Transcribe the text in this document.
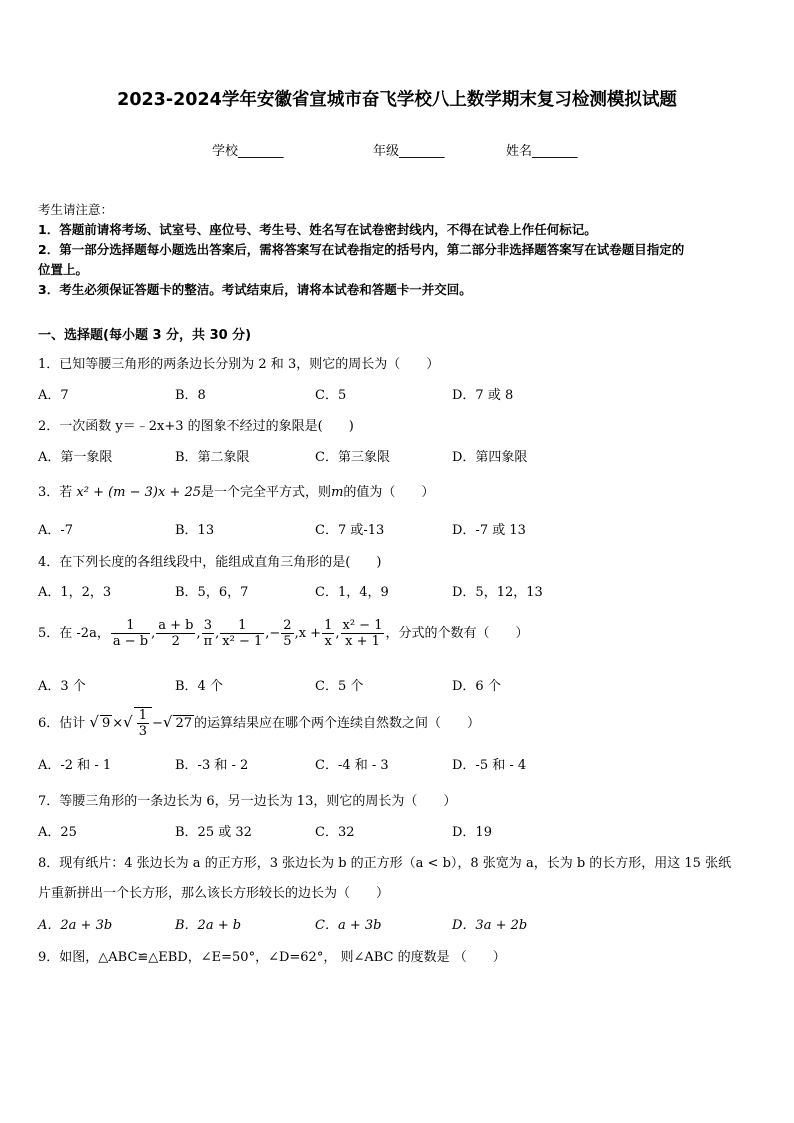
2023-2024学年安徽省宣城市奋飞学校八上数学期末复习检测模拟试题
学校_______	年级_______	姓名_______
考生请注意：
1．答题前请将考场、试室号、座位号、考生号、姓名写在试卷密封线内，不得在试卷上作任何标记。
2．第一部分选择题每小题选出答案后，需将答案写在试卷指定的括号内，第二部分非选择题答案写在试卷题目指定的
位置上。
3．考生必须保证答题卡的整洁。考试结束后，请将本试卷和答题卡一并交回。
一、选择题(每小题 3 分，共 30 分)
1．已知等腰三角形的两条边长分别为 2 和 3，则它的周长为（　　）
A．7	B．8	C．5	D．7 或 8
2．一次函数 y＝﹣2x+3 的图象不经过的象限是(　　)
A．第一象限	B．第二象限	C．第三象限	D．第四象限
3．若 x² + (m − 3)x + 25是一个完全平方式，则m的值为（　　）
A．-7	B．13	C．7 或-13	D．-7 或 13
4．在下列长度的各组线段中，能组成直角三角形的是(　　)
A．1，2，3	B．5，6，7	C．1，4，9	D．5，12，13
5．在 -2a， $\frac{1}{a - b}$ , $\frac{a + b}{2}$ , $\frac{3}{\pi}$ , $\frac{1}{\text{x² − 1}}$ ,− $\frac{2}{5} ,x + \frac{1}{x}$ , $\frac{\text{x² − 1}}{x + 1}$ ，分式的个数有（　　）
A．3 个	B．4 个	C．5 个	D．6 个
6．估计 √ 9 ×√ $\frac{1}{3}$ −√ 27 的运算结果应在哪个两个连续自然数之间（　　）
A．-2 和 - 1	B．-3 和 - 2	C．-4 和 - 3	D．-5 和 - 4
7．等腰三角形的一条边长为 6，另一边长为 13，则它的周长为（　　）
A．25	B．25 或 32	C．32	D．19
8．现有纸片：4 张边长为 a 的正方形，3 张边长为 b 的正方形（a < b），8 张宽为 a，长为 b 的长方形，用这 15 张纸
片重新拼出一个长方形，那么该长方形较长的边长为（　　）
A．2a + 3b	B．2a + b	C．a + 3b	D．3a + 2b
9．如图，△ABC≌△EBD，∠E=50°，∠D=62°， 则∠ABC 的度数是 （　　）
